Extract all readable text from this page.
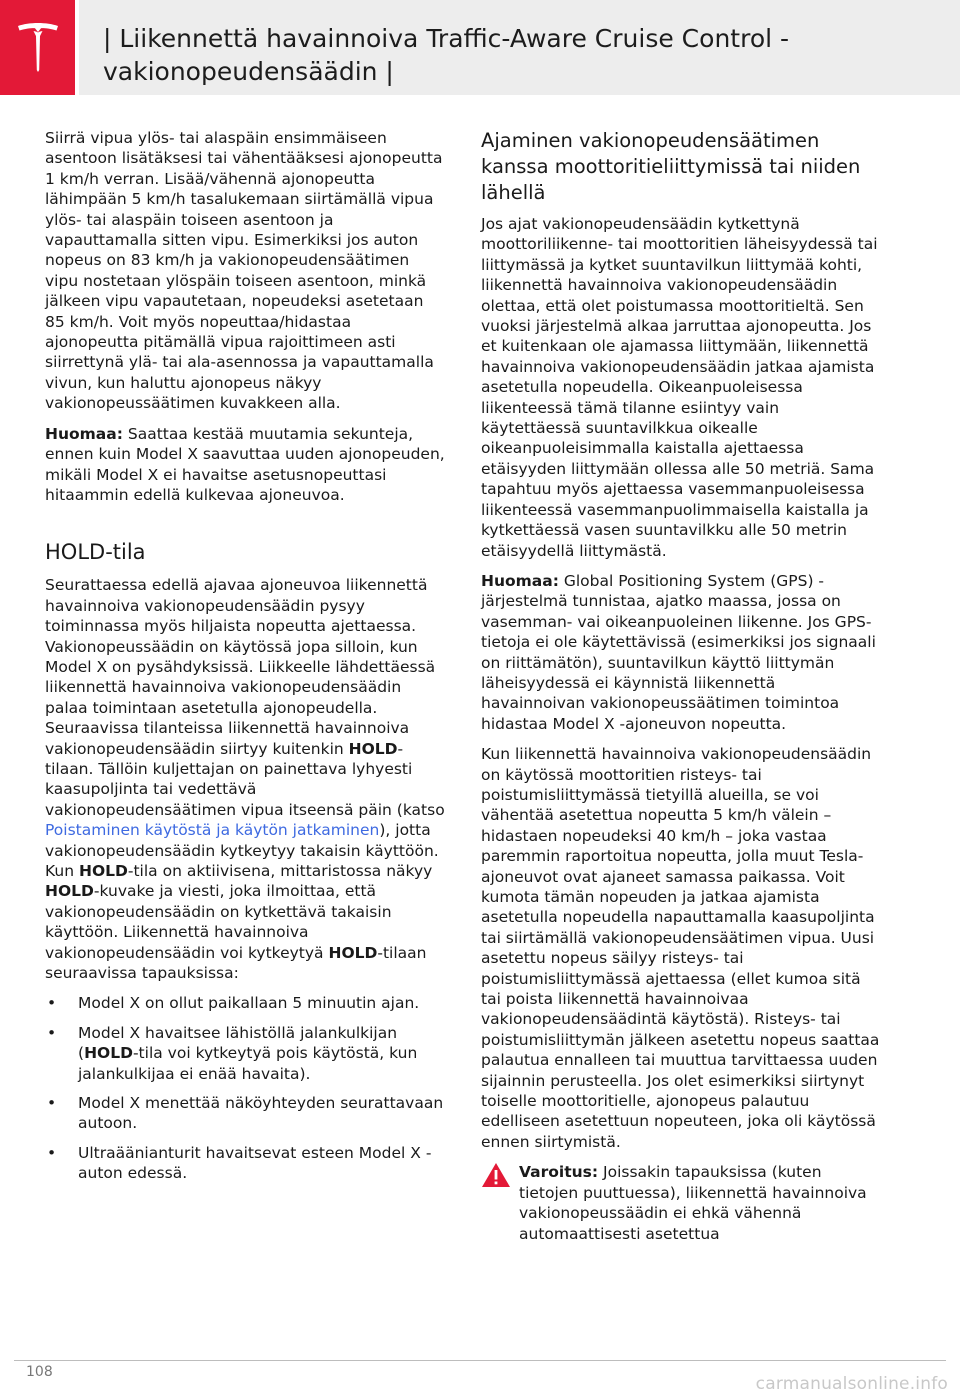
| Liikennettä havainnoiva Traffic-Aware Cruise Control - vakionopeudensäädin |

Siirrä vipua ylös- tai alaspäin ensimmäiseen asentoon lisätäksesi tai vähentääksesi ajonopeutta 1 km/h verran. Lisää/vähennä ajonopeutta lähimpään 5 km/h tasalukemaan siirtämällä vipua ylös- tai alaspäin toiseen asentoon ja vapauttamalla sitten vipu. Esimerkiksi jos auton nopeus on 83 km/h ja vakionopeudensäätimen vipu nostetaan ylöspäin toiseen asentoon, minkä jälkeen vipu vapautetaan, nopeudeksi asetetaan 85 km/h. Voit myös nopeuttaa/hidastaa ajonopeutta pitämällä vipua rajoittimeen asti siirrettynä ylä- tai ala-asennossa ja vapauttamalla vivun, kun haluttu ajonopeus näkyy vakionopeussäätimen kuvakkeen alla.

Huomaa: Saattaa kestää muutamia sekunteja, ennen kuin Model X saavuttaa uuden ajonopeuden, mikäli Model X ei havaitse asetusnopeuttasi hitaammin edellä kulkevaa ajoneuvoa.

HOLD-tila

Seurattaessa edellä ajavaa ajoneuvoa liikennettä havainnoiva vakionopeudensäädin pysyy toiminnassa myös hiljaista nopeutta ajettaessa. Vakionopeussäädin on käytössä jopa silloin, kun Model X on pysähdyksissä. Liikkeelle lähdettäessä liikennettä havainnoiva vakionopeudensäädin palaa toimintaan asetetulla ajonopeudella. Seuraavissa tilanteissa liikennettä havainnoiva vakionopeudensäädin siirtyy kuitenkin HOLD-tilaan. Tällöin kuljettajan on painettava lyhyesti kaasupoljinta tai vedettävä vakionopeudensäätimen vipua itseensä päin (katso Poistaminen käytöstä ja käytön jatkaminen), jotta vakionopeudensäädin kytkeytyy takaisin käyttöön. Kun HOLD-tila on aktiivisena, mittaristossa näkyy HOLD-kuvake ja viesti, joka ilmoittaa, että vakionopeudensäädin on kytkettävä takaisin käyttöön. Liikennettä havainnoiva vakionopeudensäädin voi kytkeytyä HOLD-tilaan seuraavissa tapauksissa:

• Model X on ollut paikallaan 5 minuutin ajan.
• Model X havaitsee lähistöllä jalankulkijan (HOLD-tila voi kytkeytyä pois käytöstä, kun jalankulkijaa ei enää havaita).
• Model X menettää näköyhteyden seurattavaan autoon.
• Ultraäänianturit havaitsevat esteen Model X -auton edessä.
Ajaminen vakionopeudensäätimen kanssa moottoritieliittymissä tai niiden lähellä

Jos ajat vakionopeudensäädin kytkettynä moottoriliikenne- tai moottoritien läheisyydessä tai liittymässä ja kytket suuntavilkun liittymää kohti, liikennettä havainnoiva vakionopeudensäädin olettaa, että olet poistumassa moottoritieltä. Sen vuoksi järjestelmä alkaa jarruttaa ajonopeutta. Jos et kuitenkaan ole ajamassa liittymään, liikennettä havainnoiva vakionopeudensäädin jatkaa ajamista asetetulla nopeudella. Oikeanpuoleisessa liikenteessä tämä tilanne esiintyy vain käytettäessä suuntavilkkua oikealle oikeanpuoleisimmalla kaistalla ajettaessa etäisyyden liittymään ollessa alle 50 metriä. Sama tapahtuu myös ajettaessa vasemmanpuoleisessa liikenteessä vasemmanpuolimmaisella kaistalla ja kytkettäessä vasen suuntavilkku alle 50 metrin etäisyydellä liittymästä.

Huomaa: Global Positioning System (GPS) -järjestelmä tunnistaa, ajatko maassa, jossa on vasemman- vai oikeanpuoleinen liikenne. Jos GPS-tietoja ei ole käytettävissä (esimerkiksi jos signaali on riittämätön), suuntavilkun käyttö liittymän läheisyydessä ei käynnistä liikennettä havainnoivan vakionopeussäätimen toimintoa hidastaa Model X -ajoneuvon nopeutta.

Kun liikennettä havainnoiva vakionopeudensäädin on käytössä moottoritien risteys- tai poistumisliittymässä tietyillä alueilla, se voi vähentää asetettua nopeutta 5 km/h välein – hidastaen nopeudeksi 40 km/h – joka vastaa paremmin raportoitua nopeutta, jolla muut Tesla-ajoneuvot ovat ajaneet samassa paikassa. Voit kumota tämän nopeuden ja jatkaa ajamista asetetulla nopeudella napauttamalla kaasupoljinta tai siirtämällä vakionopeudensäätimen vipua. Uusi asetettu nopeus säilyy risteys- tai poistumisliittymässä ajettaessa (ellet kumoa sitä tai poista liikennettä havainnoivaa vakionopeudensäädintä käytöstä). Risteys- tai poistumisliittymän jälkeen asetettu nopeus saattaa palautua ennalleen tai muuttua tarvittaessa uuden sijainnin perusteella. Jos olet esimerkiksi siirtynyt toiselle moottoritielle, ajonopeus palautuu edelliseen asetettuun nopeuteen, joka oli käytössä ennen siirtymistä.

Varoitus: Joissakin tapauksissa (kuten tietojen puuttuessa), liikennettä havainnoiva vakionopeussäädin ei ehkä vähennä automaattisesti asetettua
108
carmanualsonline.info
